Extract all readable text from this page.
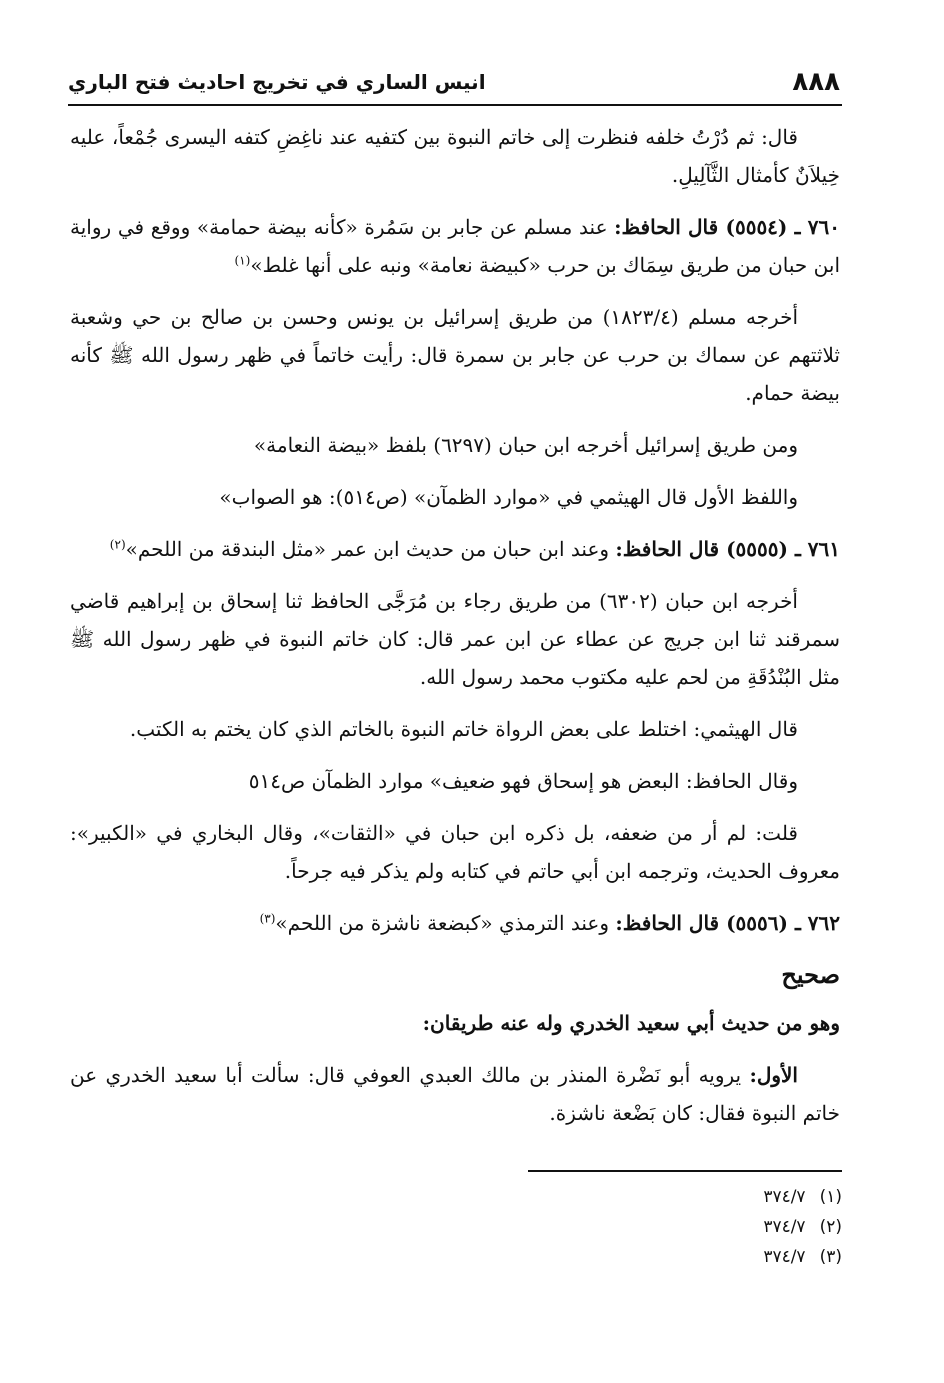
٨٨٨
انيس الساري في تخريج احاديث فتح الباري

قال: ثم دُرْتُ خلفه فنظرت إلى خاتم النبوة بين كتفيه عند ناغِضِ كتفه اليسرى جُمْعاً، عليه خِيلاَنٌ كأمثال الثَّآلِيلِ.

٧٦٠ ـ (٥٥٥٤) قال الحافظ: عند مسلم عن جابر بن سَمُرة «كأنه بيضة حمامة» ووقع في رواية ابن حبان من طريق سِمَاك بن حرب «كبيضة نعامة» ونبه على أنها غلط»$^{(١)}$

أخرجه مسلم (١٨٢٣/٤) من طريق إسرائيل بن يونس وحسن بن صالح بن حي وشعبة ثلاثتهم عن سماك بن حرب عن جابر بن سمرة قال: رأيت خاتماً في ظهر رسول الله ﷺ كأنه بيضة حمام.

ومن طريق إسرائيل أخرجه ابن حبان (٦٢٩٧) بلفظ «بيضة النعامة»

واللفظ الأول قال الهيثمي في «موارد الظمآن» (ص٥١٤): هو الصواب»

٧٦١ ـ (٥٥٥٥) قال الحافظ: وعند ابن حبان من حديث ابن عمر «مثل البندقة من اللحم»$^{(٢)}$

أخرجه ابن حبان (٦٣٠٢) من طريق رجاء بن مُرَجَّى الحافظ ثنا إسحاق بن إبراهيم قاضي سمرقند ثنا ابن جريج عن عطاء عن ابن عمر قال: كان خاتم النبوة في ظهر رسول الله ﷺ مثل البُنْدُقَةِ من لحم عليه مكتوب محمد رسول الله.

قال الهيثمي: اختلط على بعض الرواة خاتم النبوة بالخاتم الذي كان يختم به الكتب.

وقال الحافظ: البعض هو إسحاق فهو ضعيف» موارد الظمآن ص٥١٤

قلت: لم أر من ضعفه، بل ذكره ابن حبان في «الثقات»، وقال البخاري في «الكبير»: معروف الحديث، وترجمه ابن أبي حاتم في كتابه ولم يذكر فيه جرحاً.

٧٦٢ ـ (٥٥٥٦) قال الحافظ: وعند الترمذي «كبضعة ناشزة من اللحم»$^{(٣)}$

صحيح

وهو من حديث أبي سعيد الخدري وله عنه طريقان:

الأول: يرويه أبو نَضْرة المنذر بن مالك العبدي العوفي قال: سألت أبا سعيد الخدري عن خاتم النبوة فقال: كان بَضْعة ناشزة.

(١)
٣٧٤/٧
(٢)
٣٧٤/٧
(٣)
٣٧٤/٧
